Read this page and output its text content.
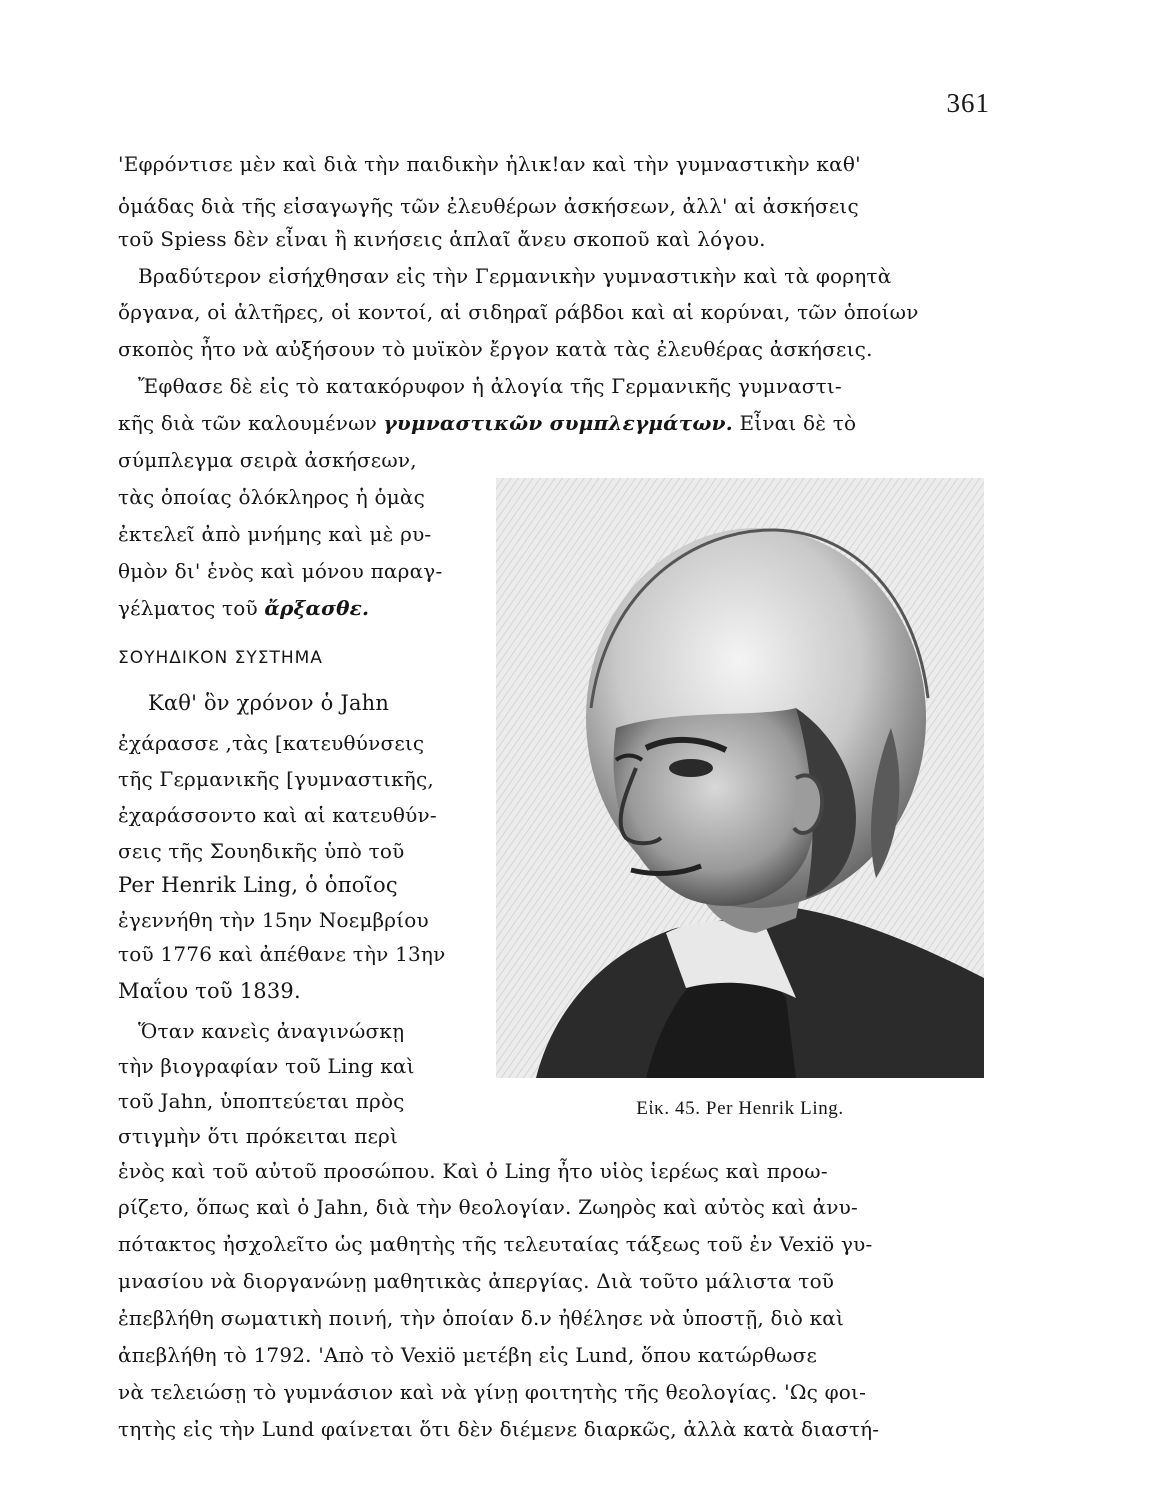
361
'Εφρόντισε μὲν καὶ διὰ τὴν παιδικὴν ἡλικ!αν καὶ τὴν γυμναστικὴν καθ'
ὁμάδας διὰ τῆς εἰσαγωγῆς τῶν ἐλευθέρων ἀσκήσεων, ἀλλ' αἱ ἀσκήσεις
τοῦ Spiess δὲν εἶναι ἢ κινήσεις ἁπλαῖ ἄνευ σκοποῦ καὶ λόγου.
Βραδύτερον εἰσήχθησαν εἰς τὴν Γερμανικὴν γυμναστικὴν καὶ τὰ φορητὰ
ὄργανα, οἱ ἁλτῆρες, οἱ κοντοί, αἱ σιδηραῖ ράβδοι καὶ αἱ κορύναι, τῶν ὁποίων
σκοπὸς ἦτο νὰ αὐξήσουν τὸ μυϊκὸν ἔργον κατὰ τὰς ἐλευθέρας ἀσκήσεις.
Ἔφθασε δὲ εἰς τὸ κατακόρυφον ἡ ἀλογία τῆς Γερμανικῆς γυμναστι-
κῆς διὰ τῶν καλουμένων γυμναστικῶν συμπλεγμάτων. Εἶναι δὲ τὸ
σύμπλεγμα σειρὰ ἀσκήσεων,
τὰς ὁποίας ὁλόκληρος ἡ ὁμὰς
ἐκτελεῖ ἀπὸ μνήμης καὶ μὲ ρυ-
θμὸν δι' ἑνὸς καὶ μόνου παραγ-
γέλματος τοῦ ἄρξασθε.
ΣΟΥΗΔΙΚΟΝ ΣΥΣΤΗΜΑ
Καθ' ὃν χρόνον ὁ Jahn
ἐχάρασσε ,τὰς [κατευθύνσεις
τῆς Γερμανικῆς [γυμναστικῆς,
ἐχαράσσοντο καὶ αἱ κατευθύν-
σεις τῆς Σουηδικῆς ὑπὸ τοῦ
Per Henrik Ling, ὁ ὁποῖος
ἐγεννήθη τὴν 15ην Νοεμβρίου
τοῦ 1776 καὶ ἀπέθανε τὴν 13ην
Μαΐου τοῦ 1839.
Ὅταν κανεὶς ἀναγινώσκῃ
τὴν βιογραφίαν τοῦ Ling καὶ
τοῦ Jahn, ὑποπτεύεται πρὸς
στιγμὴν ὅτι πρόκειται περὶ
ἑνὸς καὶ τοῦ αὐτοῦ προσώπου. Καὶ ὁ Ling ἦτο υἱὸς ἱερέως καὶ προω-
ρίζετο, ὅπως καὶ ὁ Jahn, διὰ τὴν θεολογίαν. Ζωηρὸς καὶ αὐτὸς καὶ ἀνυ-
πότακτος ἠσχολεῖτο ὡς μαθητὴς τῆς τελευταίας τάξεως τοῦ ἐν Vexiö γυ-
μνασίου νὰ διοργανώνῃ μαθητικὰς ἀπεργίας. Διὰ τοῦτο μάλιστα τοῦ
ἐπεβλήθη σωματικὴ ποινή, τὴν ὁποίαν δ.ν ἠθέλησε νὰ ὑποστῇ, διὸ καὶ
ἀπεβλήθη τὸ 1792. 'Απὸ τὸ Vexiö μετέβη εἰς Lund, ὅπου κατώρθωσε
νὰ τελειώσῃ τὸ γυμνάσιον καὶ νὰ γίνῃ φοιτητὴς τῆς θεολογίας. 'Ως φοι-
τητὴς εἰς τὴν Lund φαίνεται ὅτι δὲν διέμενε διαρκῶς, ἀλλὰ κατὰ διαστή-
Εἰκ. 45. Per Henrik Ling.
